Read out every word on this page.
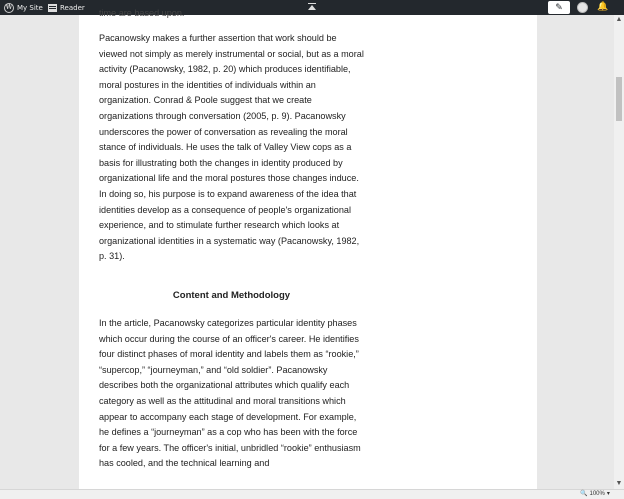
W My Site Reader	✎	🔔

time are based upon.

Pacanowsky makes a further assertion that work should be viewed not simply as merely instrumental or social, but as a moral activity (Pacanowsky, 1982, p. 20) which produces identifiable, moral postures in the identities of individuals within an organization. Conrad & Poole suggest that we create organizations through conversation (2005, p. 9). Pacanowsky underscores the power of conversation as revealing the moral stance of individuals. He uses the talk of Valley View cops as a basis for illustrating both the changes in identity produced by organizational life and the moral postures those changes induce. In doing so, his purpose is to expand awareness of the idea that identities develop as a consequence of people's organizational experience, and to stimulate further research which looks at organizational identities in a systematic way (Pacanowsky, 1982, p. 31).

Content and Methodology

In the article, Pacanowsky categorizes particular identity phases which occur during the course of an officer's career. He identifies four distinct phases of moral identity and labels them as “rookie,” “supercop,” “journeyman,” and “old soldier”. Pacanowsky describes both the organizational attributes which qualify each category as well as the attitudinal and moral transitions which appear to accompany each stage of development. For example, he defines a “journeyman” as a cop who has been with the force for a few years. The officer's initial, unbridled “rookie” enthusiasm has cooled, and the technical learning and

▲
▼
🔍 100% ▾
